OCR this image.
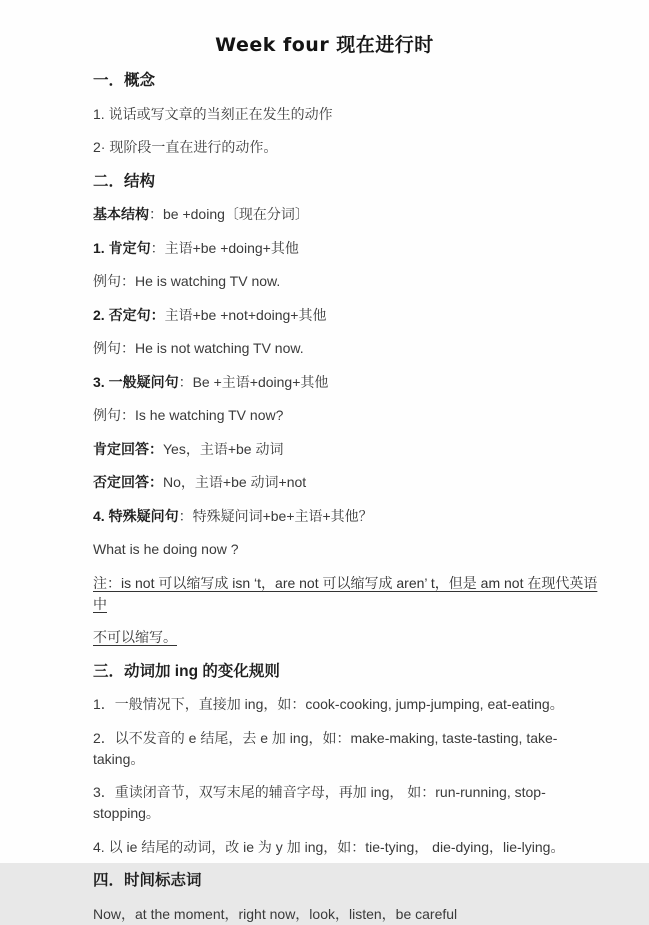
Week four 现在进行时
一．概念
1. 说话或写文章的当刻正在发生的动作
2· 现阶段一直在进行的动作。
二．结构
基本结构：be +doing〔现在分词〕
1. 肯定句：主语+be +doing+其他
例句：He is watching TV now.
2. 否定句：主语+be +not+doing+其他
例句：He is not watching TV now.
3. 一般疑问句：Be +主语+doing+其他
例句：Is he watching TV now?
肯定回答：Yes，主语+be 动词
否定回答：No，主语+be 动词+not
4. 特殊疑问句：特殊疑问词+be+主语+其他？
What is he doing now ?
注：is not 可以缩写成 isn ‘t，are not 可以缩写成 aren’ t，但是 am not 在现代英语中
不可以缩写。
三．动词加 ing 的变化规则
1．一般情况下，直接加 ing，如：cook-cooking, jump-jumping, eat-eating。
2．以不发音的 e 结尾，去 e 加 ing，如：make-making, taste-tasting, take-taking。
3．重读闭音节，双写末尾的辅音字母，再加 ing， 如：run-running, stop-stopping。
4. 以 ie 结尾的动词，改 ie 为 y 加 ing，如：tie-tying， die-dying，lie-lying。
四．时间标志词
Now，at the moment，right now，look，listen，be careful
